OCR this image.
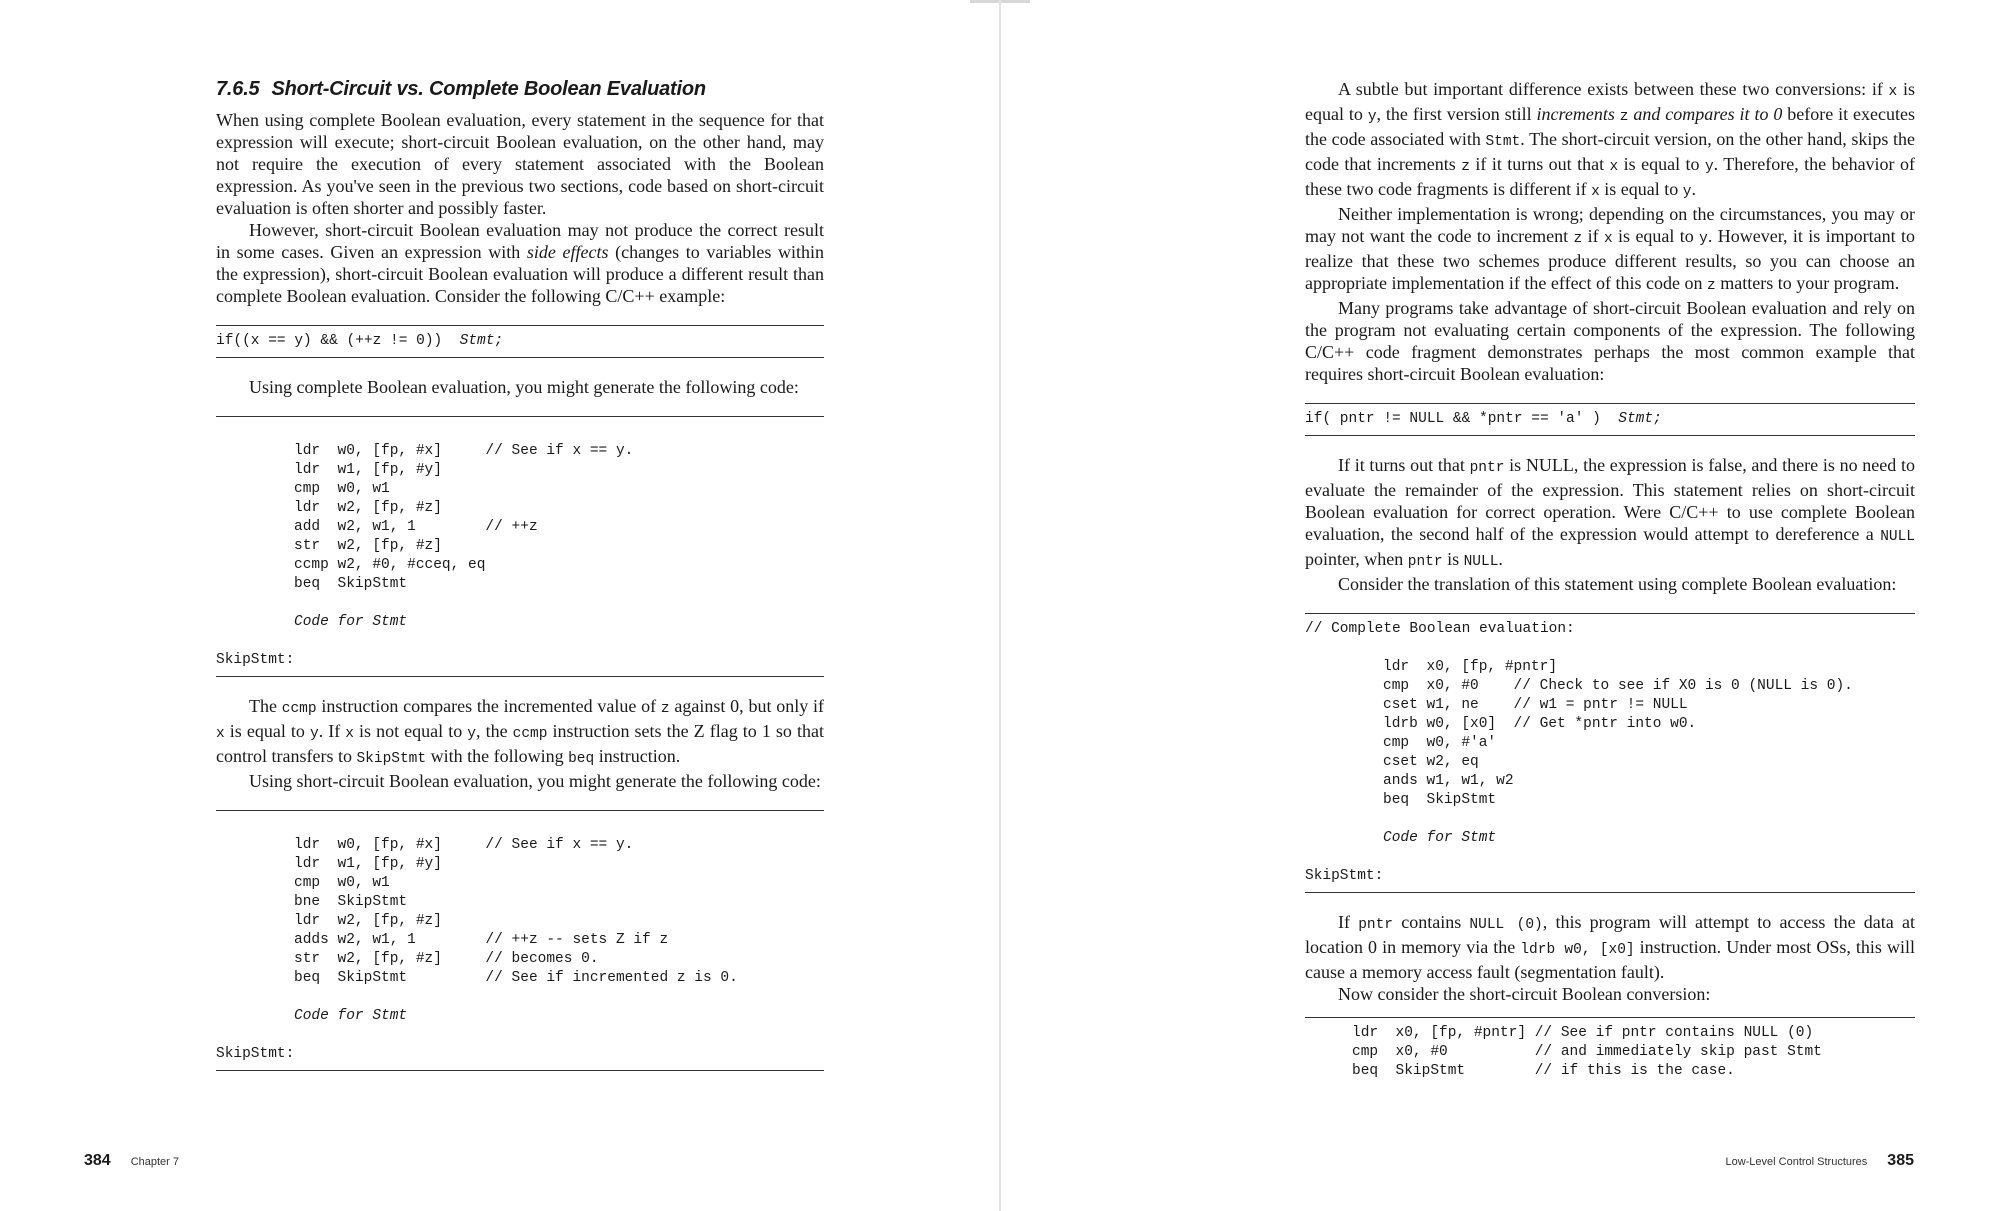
7.6.5 Short-Circuit vs. Complete Boolean Evaluation

When using complete Boolean evaluation, every statement in the sequence for that expression will execute; short-circuit Boolean evaluation, on the other hand, may not require the execution of every statement associated with the Boolean expression. As you've seen in the previous two sections, code based on short-circuit evaluation is often shorter and possibly faster.

However, short-circuit Boolean evaluation may not produce the correct result in some cases. Given an expression with side effects (changes to variables within the expression), short-circuit Boolean evaluation will produce a different result than complete Boolean evaluation. Consider the following C/C++ example:

if((x == y) && (++z != 0))  Stmt;

Using complete Boolean evaluation, you might generate the following code:

ldr  w0, [fp, #x]     // See if x == y.
ldr  w1, [fp, #y]
cmp  w0, w1
ldr  w2, [fp, #z]
add  w2, w1, 1        // ++z
str  w2, [fp, #z]
ccmp w2, #0, #cceq, eq
beq  SkipStmt
Code for Stmt
SkipStmt:

The ccmp instruction compares the incremented value of z against 0, but only if x is equal to y. If x is not equal to y, the ccmp instruction sets the Z flag to 1 so that control transfers to SkipStmt with the following beq instruction.

Using short-circuit Boolean evaluation, you might generate the following code:

ldr  w0, [fp, #x]     // See if x == y.
ldr  w1, [fp, #y]
cmp  w0, w1
bne  SkipStmt
ldr  w2, [fp, #z]
adds w2, w1, 1        // ++z -- sets Z if z
str  w2, [fp, #z]     // becomes 0.
beq  SkipStmt         // See if incremented z is 0.
Code for Stmt
SkipStmt:
384 Chapter 7

A subtle but important difference exists between these two conversions: if x is equal to y, the first version still increments z and compares it to 0 before it executes the code associated with Stmt. The short-circuit version, on the other hand, skips the code that increments z if it turns out that x is equal to y. Therefore, the behavior of these two code fragments is different if x is equal to y.

Neither implementation is wrong; depending on the circumstances, you may or may not want the code to increment z if x is equal to y. However, it is important to realize that these two schemes produce different results, so you can choose an appropriate implementation if the effect of this code on z matters to your program.

Many programs take advantage of short-circuit Boolean evaluation and rely on the program not evaluating certain components of the expression. The following C/C++ code fragment demonstrates perhaps the most common example that requires short-circuit Boolean evaluation:

if( pntr != NULL && *pntr == 'a' )  Stmt;

If it turns out that pntr is NULL, the expression is false, and there is no need to evaluate the remainder of the expression. This statement relies on short-circuit Boolean evaluation for correct operation. Were C/C++ to use complete Boolean evaluation, the second half of the expression would attempt to dereference a NULL pointer, when pntr is NULL.

Consider the translation of this statement using complete Boolean evaluation:

// Complete Boolean evaluation:
ldr  x0, [fp, #pntr]
cmp  x0, #0    // Check to see if X0 is 0 (NULL is 0).
cset w1, ne    // w1 = pntr != NULL
ldrb w0, [x0]  // Get *pntr into w0.
cmp  w0, #'a'
cset w2, eq
ands w1, w1, w2
beq  SkipStmt
Code for Stmt
SkipStmt:

If pntr contains NULL (0), this program will attempt to access the data at location 0 in memory via the ldrb w0, [x0] instruction. Under most OSs, this will cause a memory access fault (segmentation fault).

Now consider the short-circuit Boolean conversion:

ldr  x0, [fp, #pntr] // See if pntr contains NULL (0)
cmp  x0, #0          // and immediately skip past Stmt
beq  SkipStmt        // if this is the case.
Low-Level Control Structures 385
